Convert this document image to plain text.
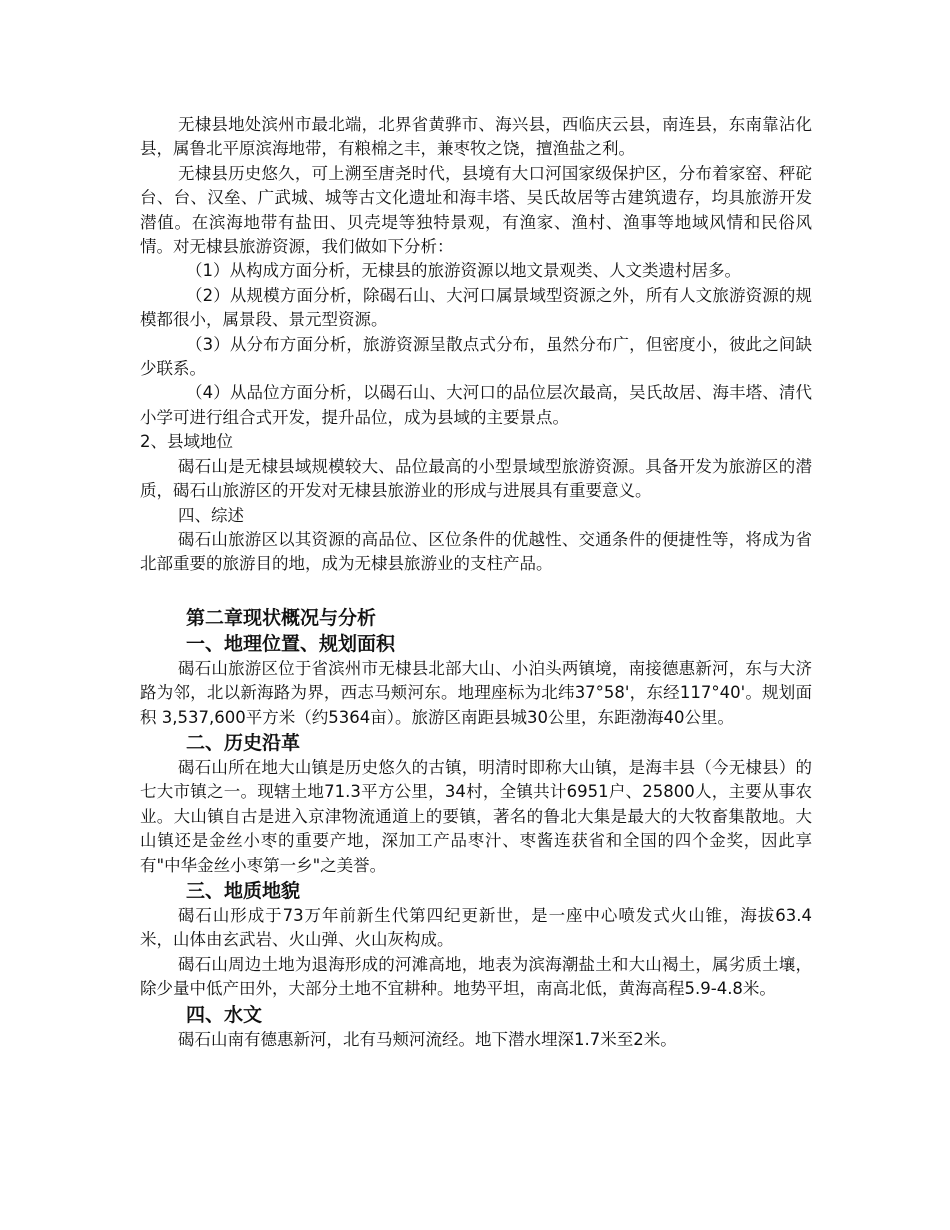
无棣县地处滨州市最北端，北界省黄骅市、海兴县，西临庆云县，南连县，东南靠沾化县，属鲁北平原滨海地带，有粮棉之丰，兼枣牧之饶，擅渔盐之利。

无棣县历史悠久，可上溯至唐尧时代，县境有大口河国家级保护区，分布着家窑、秤砣台、台、汉垒、广武城、城等古文化遗址和海丰塔、吴氏故居等古建筑遗存，均具旅游开发潜值。在滨海地带有盐田、贝壳堤等独特景观，有渔家、渔村、渔事等地域风情和民俗风情。对无棣县旅游资源，我们做如下分析：

（1）从构成方面分析，无棣县的旅游资源以地文景观类、人文类遗村居多。

（2）从规模方面分析，除碣石山、大河口属景域型资源之外，所有人文旅游资源的规模都很小，属景段、景元型资源。

（3）从分布方面分析，旅游资源呈散点式分布，虽然分布广，但密度小，彼此之间缺少联系。

（4）从品位方面分析，以碣石山、大河口的品位层次最高，吴氏故居、海丰塔、清代小学可进行组合式开发，提升品位，成为县域的主要景点。

2、县域地位

碣石山是无棣县域规模较大、品位最高的小型景域型旅游资源。具备开发为旅游区的潜质，碣石山旅游区的开发对无棣县旅游业的形成与进展具有重要意义。

四、综述

碣石山旅游区以其资源的高品位、区位条件的优越性、交通条件的便捷性等，将成为省北部重要的旅游目的地，成为无棣县旅游业的支柱产品。

第二章现状概况与分析
一、地理位置、规划面积

碣石山旅游区位于省滨州市无棣县北部大山、小泊头两镇境，南接德惠新河，东与大济路为邻，北以新海路为界，西志马颊河东。地理座标为北纬37°58'，东经117°40'。规划面积 3,537,600平方米（约5364亩）。旅游区南距县城30公里，东距渤海40公里。

二、历史沿革

碣石山所在地大山镇是历史悠久的古镇，明清时即称大山镇，是海丰县（今无棣县）的七大市镇之一。现辖土地71.3平方公里，34村，全镇共计6951户、25800人，主要从事农业。大山镇自古是进入京津物流通道上的要镇，著名的鲁北大集是最大的大牧畜集散地。大山镇还是金丝小枣的重要产地，深加工产品枣汁、枣酱连获省和全国的四个金奖，因此享有"中华金丝小枣第一乡"之美誉。

三、地质地貌

碣石山形成于73万年前新生代第四纪更新世，是一座中心喷发式火山锥，海拔63.4米，山体由玄武岩、火山弹、火山灰构成。

碣石山周边土地为退海形成的河滩高地，地表为滨海潮盐土和大山褐土，属劣质土壤，除少量中低产田外，大部分土地不宜耕种。地势平坦，南高北低，黄海高程5.9-4.8米。

四、水文

碣石山南有德惠新河，北有马颊河流经。地下潜水埋深1.7米至2米。
